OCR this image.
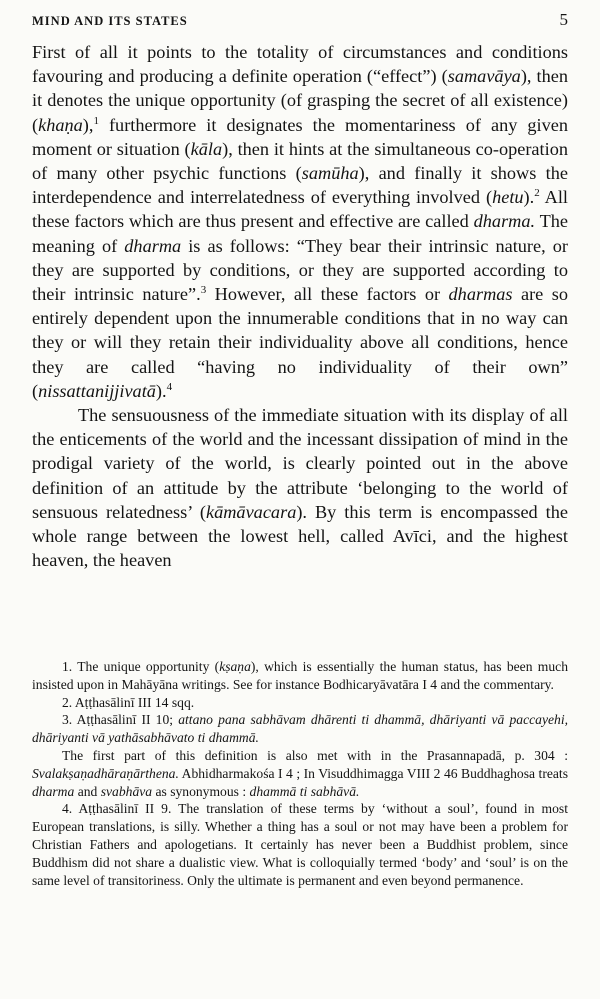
MIND AND ITS STATES	5

First of all it points to the totality of circumstances and conditions favouring and producing a definite operation (“effect”) (samavāya), then it denotes the unique opportunity (of grasping the secret of all existence) (khaṇa),$^1$ furthermore it designates the momentariness of any given moment or situation (kāla), then it hints at the simultaneous co-operation of many other psychic functions (samūha), and finally it shows the interdependence and interrelatedness of everything involved (hetu).$^2$ All these factors which are thus present and effective are called dharma. The meaning of dharma is as follows: “They bear their intrinsic nature, or they are supported by conditions, or they are supported according to their intrinsic nature”.$^3$ However, all these factors or dharmas are so entirely dependent upon the innumerable conditions that in no way can they or will they retain their individuality above all conditions, hence they are called “having no individuality of their own” (nissattanijjivatā).$^4$

The sensuousness of the immediate situation with its display of all the enticements of the world and the incessant dissipation of mind in the prodigal variety of the world, is clearly pointed out in the above definition of an attitude by the attribute ‘belonging to the world of sensuous relatedness’ (kāmāvacara). By this term is encompassed the whole range between the lowest hell, called Avīci, and the highest heaven, the heaven

1. The unique opportunity (kṣaṇa), which is essentially the human status, has been much insisted upon in Mahāyāna writings. See for instance Bodhicaryāvatāra I 4 and the commentary.

2. Aṭṭhasālinī III 14 sqq.

3. Aṭṭhasālinī II 10; attano pana sabhāvam dhārenti ti dhammā, dhāriyanti vā paccayehi, dhāriyanti vā yathāsabhāvato ti dhammā.

The first part of this definition is also met with in the Prasannapadā, p. 304 : Svalakṣaṇadhāraṇārthena. Abhidharmakośa I 4 ; In Visuddhimagga VIII 2 46 Buddhaghosa treats dharma and svabhāva as synonymous : dhammā ti sabhāvā.

4. Aṭṭhasālinī II 9. The translation of these terms by ‘without a soul’, found in most European translations, is silly. Whether a thing has a soul or not may have been a problem for Christian Fathers and apologetians. It certainly has never been a Buddhist problem, since Buddhism did not share a dualistic view. What is colloquially termed ‘body’ and ‘soul’ is on the same level of transitoriness. Only the ultimate is permanent and even beyond permanence.
